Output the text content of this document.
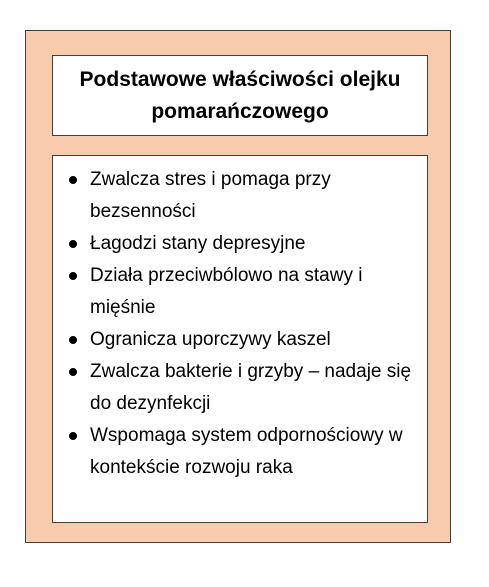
Podstawowe właściwości olejku pomarańczowego

Zwalcza stres i pomaga przy bezsenności
Łagodzi stany depresyjne
Działa przeciwbólowo na stawy i mięśnie
Ogranicza uporczywy kaszel
Zwalcza bakterie i grzyby – nadaje się do dezynfekcji
Wspomaga system odpornościowy w kontekście rozwoju raka
